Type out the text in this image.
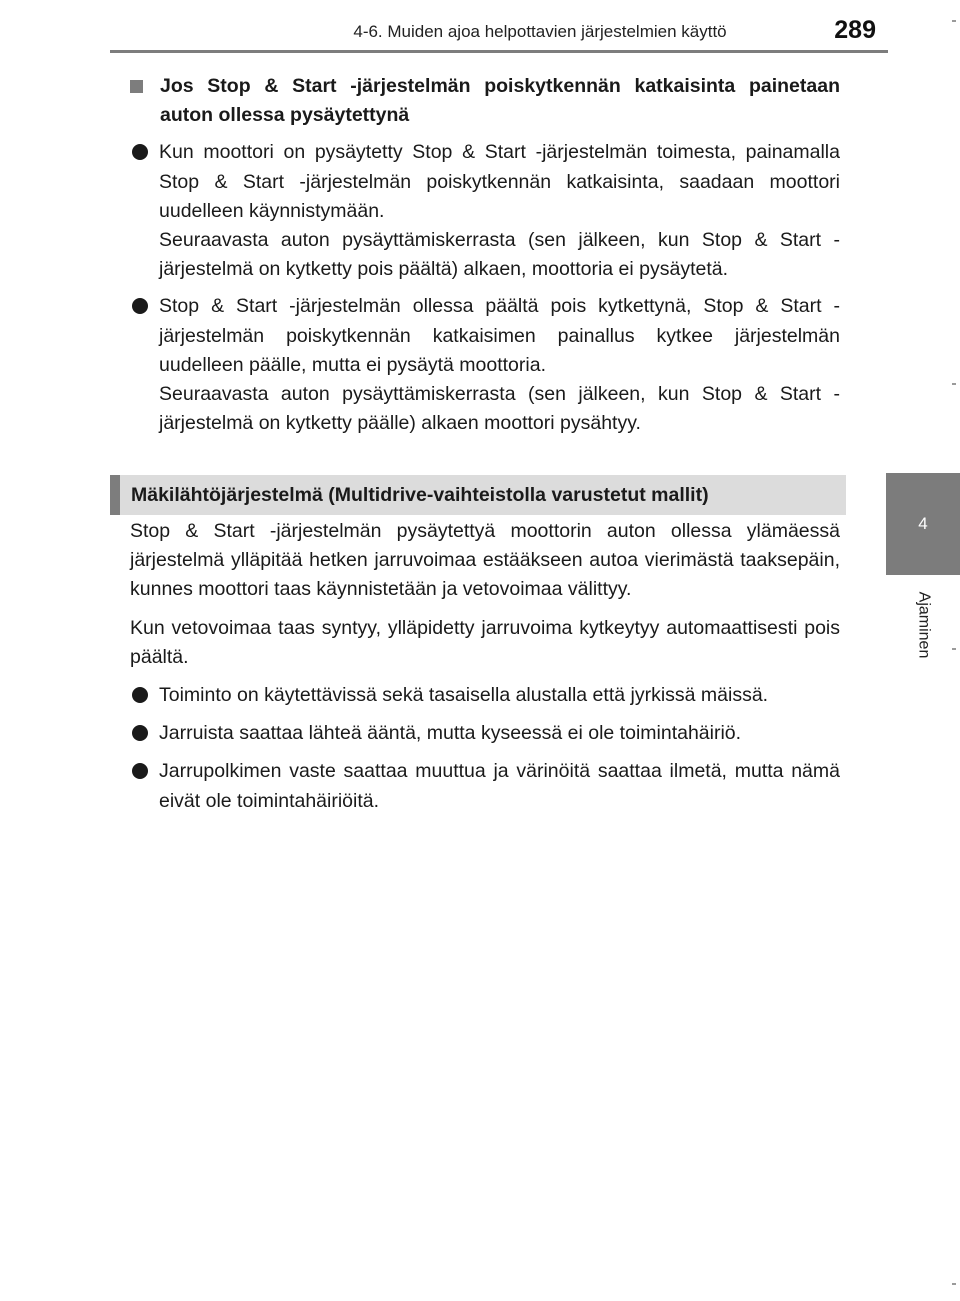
4-6. Muiden ajoa helpottavien järjestelmien käyttö	289
4
Ajaminen
Jos Stop & Start -järjestelmän poiskytkennän katkaisinta painetaan auton ollessa pysäytettynä

Kun moottori on pysäytetty Stop & Start -järjestelmän toimesta, painamalla Stop & Start -järjestelmän poiskytkennän katkaisinta, saadaan moottori uudelleen käynnistymään.

Seuraavasta auton pysäyttämiskerrasta (sen jälkeen, kun Stop & Start -järjestelmä on kytketty pois päältä) alkaen, moottoria ei pysäytetä.

Stop & Start -järjestelmän ollessa päältä pois kytkettynä, Stop & Start -järjestelmän poiskytkennän katkaisimen painallus kytkee järjestelmän uudelleen päälle, mutta ei pysäytä moottoria.

Seuraavasta auton pysäyttämiskerrasta (sen jälkeen, kun Stop & Start -järjestelmä on kytketty päälle) alkaen moottori pysähtyy.

Mäkilähtöjärjestelmä (Multidrive-vaihteistolla varustetut mallit)

Stop & Start -järjestelmän pysäytettyä moottorin auton ollessa ylämäessä järjestelmä ylläpitää hetken jarruvoimaa estääkseen autoa vierimästä taaksepäin, kunnes moottori taas käynnistetään ja vetovoimaa välittyy.

Kun vetovoimaa taas syntyy, ylläpidetty jarruvoima kytkeytyy automaattisesti pois päältä.

Toiminto on käytettävissä sekä tasaisella alustalla että jyrkissä mäissä.

Jarruista saattaa lähteä ääntä, mutta kyseessä ei ole toimintahäiriö.

Jarrupolkimen vaste saattaa muuttua ja värinöitä saattaa ilmetä, mutta nämä eivät ole toimintahäiriöitä.
